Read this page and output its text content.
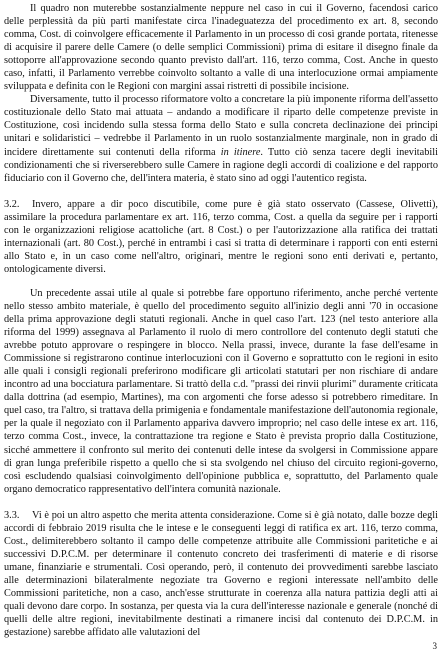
Il quadro non muterebbe sostanzialmente neppure nel caso in cui il Governo, facendosi carico delle perplessità da più parti manifestate circa l'inadeguatezza del procedimento ex art. 8, secondo comma, Cost. di coinvolgere efficacemente il Parlamento in un processo di così grande portata, ritenesse di acquisire il parere delle Camere (o delle semplici Commissioni) prima di esitare il disegno finale da sottoporre all'approvazione secondo quanto previsto dall'art. 116, terzo comma, Cost. Anche in questo caso, infatti, il Parlamento verrebbe coinvolto soltanto a valle di una interlocuzione ormai ampiamente sviluppata e definita con le Regioni con margini assai ristretti di possibile incisione.

Diversamente, tutto il processo riformatore volto a concretare la più imponente riforma dell'assetto costituzionale dello Stato mai attuata – andando a modificare il riparto delle competenze previste in Costituzione, così incidendo sulla stessa forma dello Stato e sulla concreta declinazione dei principi unitari e solidaristici – vedrebbe il Parlamento in un ruolo sostanzialmente marginale, non in grado di incidere direttamente sui contenuti della riforma in itinere. Tutto ciò senza tacere degli inevitabili condizionamenti che si riverserebbero sulle Camere in ragione degli accordi di coalizione e del rapporto fiduciario con il Governo che, dell'intera materia, è stato sino ad oggi l'autentico regista.

3.2. Invero, appare a dir poco discutibile, come pure è già stato osservato (Cassese, Olivetti), assimilare la procedura parlamentare ex art. 116, terzo comma, Cost. a quella da seguire per i rapporti con le organizzazioni religiose acattoliche (art. 8 Cost.) o per l'autorizzazione alla ratifica dei trattati internazionali (art. 80 Cost.), perché in entrambi i casi si tratta di determinare i rapporti con enti esterni allo Stato e, in un caso come nell'altro, originari, mentre le regioni sono enti derivati e, pertanto, ontologicamente diversi.

Un precedente assai utile al quale si potrebbe fare opportuno riferimento, anche perché vertente nello stesso ambito materiale, è quello del procedimento seguito all'inizio degli anni '70 in occasione della prima approvazione degli statuti regionali. Anche in quel caso l'art. 123 (nel testo anteriore alla riforma del 1999) assegnava al Parlamento il ruolo di mero controllore del contenuto degli statuti che avrebbe potuto approvare o respingere in blocco. Nella prassi, invece, durante la fase dell'esame in Commissione si registrarono continue interlocuzioni con il Governo e soprattutto con le regioni in esito alle quali i consigli regionali preferirono modificare gli articolati statutari per non rischiare di andare incontro ad una bocciatura parlamentare. Si trattò della c.d. "prassi dei rinvii plurimi" duramente criticata dalla dottrina (ad esempio, Martines), ma con argomenti che forse adesso si potrebbero rimeditare. In quel caso, tra l'altro, si trattava della primigenia e fondamentale manifestazione dell'autonomia regionale, per la quale il negoziato con il Parlamento appariva davvero improprio; nel caso delle intese ex art. 116, terzo comma Cost., invece, la contrattazione tra regione e Stato è prevista proprio dalla Costituzione, sicché ammettere il confronto sul merito dei contenuti delle intese da svolgersi in Commissione appare di gran lunga preferibile rispetto a quello che si sta svolgendo nel chiuso del circuito regioni-governo, così escludendo qualsiasi coinvolgimento dell'opinione pubblica e, soprattutto, del Parlamento quale organo democratico rappresentativo dell'intera comunità nazionale.

3.3. Vi è poi un altro aspetto che merita attenta considerazione. Come si è già notato, dalle bozze degli accordi di febbraio 2019 risulta che le intese e le conseguenti leggi di ratifica ex art. 116, terzo comma, Cost., delimiterebbero soltanto il campo delle competenze attribuite alle Commissioni paritetiche e ai successivi D.P.C.M. per determinare il contenuto concreto dei trasferimenti di materie e di risorse umane, finanziarie e strumentali. Così operando, però, il contenuto dei provvedimenti sarebbe lasciato alle determinazioni bilateralmente negoziate tra Governo e regioni interessate nell'ambito delle Commissioni paritetiche, non a caso, anch'esse strutturate in coerenza alla natura pattizia degli atti ai quali devono dare corpo. In sostanza, per questa via la cura dell'interesse nazionale e generale (nonché di quelli delle altre regioni, inevitabilmente destinati a rimanere incisi dal contenuto dei D.P.C.M. in gestazione) sarebbe affidato alle valutazioni del

3
